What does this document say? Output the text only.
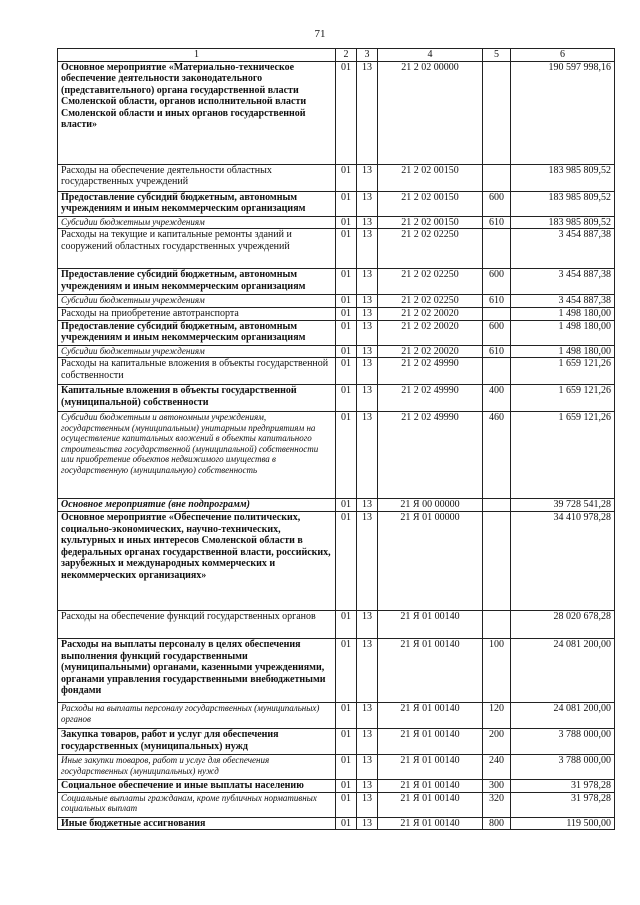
71
1	2	3	4	5	6
Основное мероприятие «Материально-техническое обеспечение деятельности законодательного (представительного) органа государственной власти Смоленской области, органов исполнительной власти Смоленской области и иных органов государственной власти»	01	13	21 2 02 00000		190 597 998,16
Расходы на обеспечение деятельности областных государственных учреждений	01	13	21 2 02 00150		183 985 809,52
Предоставление субсидий бюджетным, автономным учреждениям и иным некоммерческим организациям	01	13	21 2 02 00150	600	183 985 809,52
Субсидии бюджетным учреждениям	01	13	21 2 02 00150	610	183 985 809,52
Расходы на текущие и капитальные ремонты зданий и сооружений областных государственных учреждений	01	13	21 2 02 02250		3 454 887,38
Предоставление субсидий бюджетным, автономным учреждениям и иным некоммерческим организациям	01	13	21 2 02 02250	600	3 454 887,38
Субсидии бюджетным учреждениям	01	13	21 2 02 02250	610	3 454 887,38
Расходы на приобретение автотранспорта	01	13	21 2 02 20020		1 498 180,00
Предоставление субсидий бюджетным, автономным учреждениям и иным некоммерческим организациям	01	13	21 2 02 20020	600	1 498 180,00
Субсидии бюджетным учреждениям	01	13	21 2 02 20020	610	1 498 180,00
Расходы на капитальные вложения в объекты государственной собственности	01	13	21 2 02 49990		1 659 121,26
Капитальные вложения в объекты государственной (муниципальной) собственности	01	13	21 2 02 49990	400	1 659 121,26
Субсидии бюджетным и автономным учреждениям, государственным (муниципальным) унитарным предприятиям на осуществление капитальных вложений в объекты капитального строительства государственной (муниципальной) собственности или приобретение объектов недвижимого имущества в государственную (муниципальную) собственность	01	13	21 2 02 49990	460	1 659 121,26
Основное мероприятие (вне подпрограмм)	01	13	21 Я 00 00000		39 728 541,28
Основное мероприятие «Обеспечение политических, социально-экономических, научно-технических, культурных и иных интересов Смоленской области в федеральных органах государственной власти, российских, зарубежных и международных коммерческих и некоммерческих организациях»	01	13	21 Я 01 00000		34 410 978,28
Расходы на обеспечение функций государственных органов	01	13	21 Я 01 00140		28 020 678,28
Расходы на выплаты персоналу в целях обеспечения выполнения функций государственными (муниципальными) органами, казенными учреждениями, органами управления государственными внебюджетными фондами	01	13	21 Я 01 00140	100	24 081 200,00
Расходы на выплаты персоналу государственных (муниципальных) органов	01	13	21 Я 01 00140	120	24 081 200,00
Закупка товаров, работ и услуг для обеспечения государственных (муниципальных) нужд	01	13	21 Я 01 00140	200	3 788 000,00
Иные закупки товаров, работ и услуг для обеспечения государственных (муниципальных) нужд	01	13	21 Я 01 00140	240	3 788 000,00
Социальное обеспечение и иные выплаты населению	01	13	21 Я 01 00140	300	31 978,28
Социальные выплаты гражданам, кроме публичных нормативных социальных выплат	01	13	21 Я 01 00140	320	31 978,28
Иные бюджетные ассигнования	01	13	21 Я 01 00140	800	119 500,00
